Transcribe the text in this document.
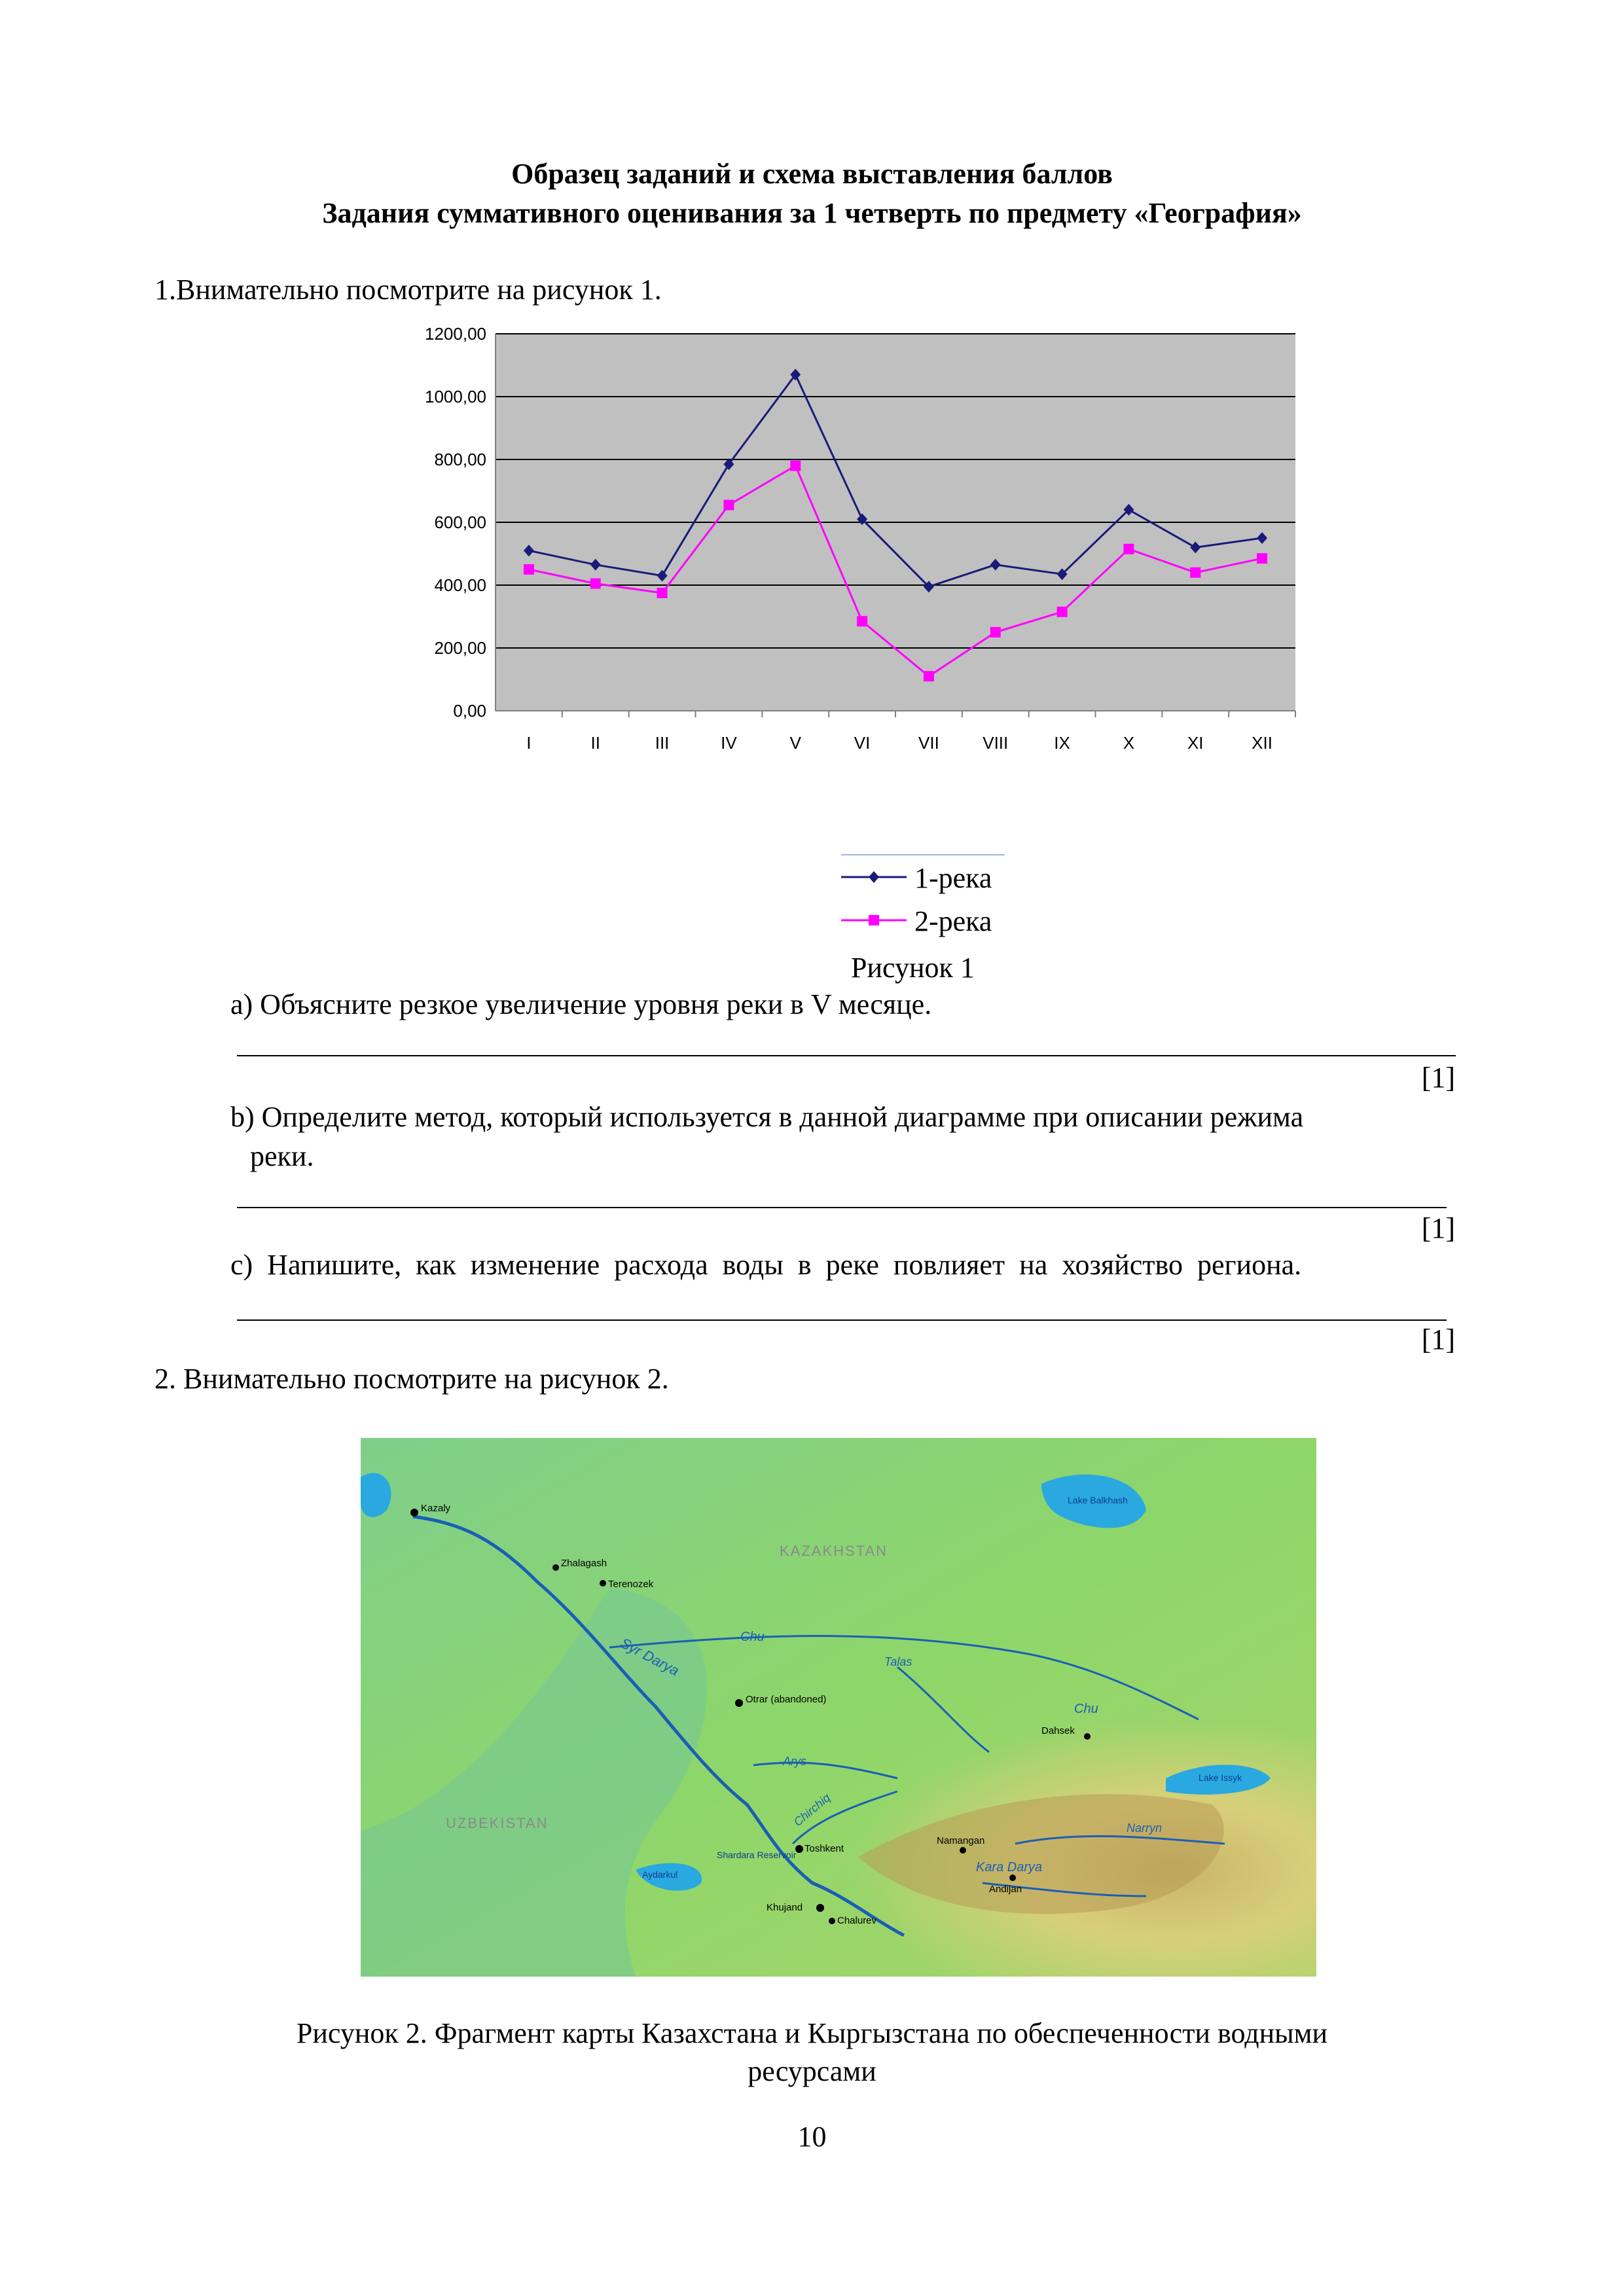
Образец заданий и схема выставления баллов
Задания суммативного оценивания за 1 четверть по предмету «География»
1.Внимательно посмотрите на рисунок 1.
0,00
200,00
400,00
600,00
800,00
1000,00
1200,00
I	II	III	IV	V	VI	VII	VIII	IX	X	XI	XII
1-река
2-река
Рисунок 1
a) Объясните резкое увеличение уровня реки в V месяце.
[1]
b) Определите метод, который используется в данной диаграмме при описании режима
реки.
[1]
c)  Напишите,  как  изменение  расхода  воды  в  реке  повлияет  на  хозяйство  региона.
[1]
2. Внимательно посмотрите на рисунок 2.
Kazaly
Zhalagash
Terenozek
Otrar (abandoned)
Toshkent
Namangan
Andijan
Khujand
Chalurev
Dahsek
Syr Darya	Chu
Chu
Talas
Arys
Chirchiq	Narryn
Kara Darya
Lake Balkhash
Lake Issyk
Shardara Reservoir
Aydarkul
KAZAKHSTAN
UZBEKISTAN
Рисунок 2. Фрагмент карты Казахстана и Кыргызстана по обеспеченности водными
ресурсами
10
